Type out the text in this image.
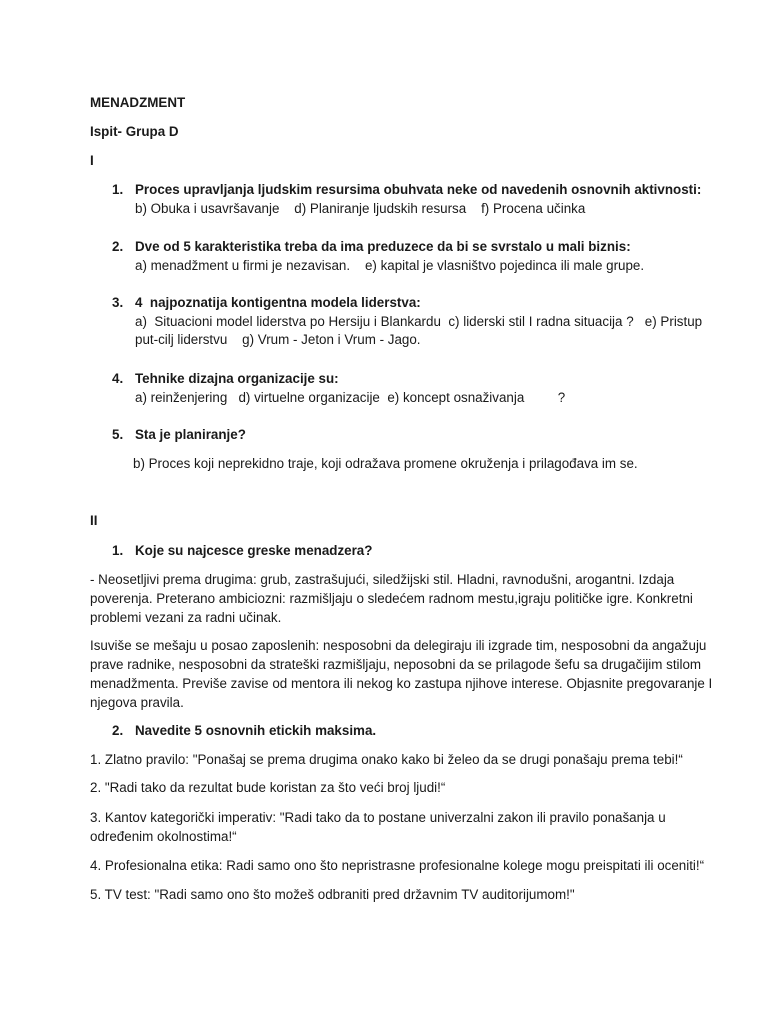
MENADZMENT
Ispit- Grupa D
I
1. Proces upravljanja ljudskim resursima obuhvata neke od navedenih osnovnih aktivnosti:
b) Obuka i usavršavanje    d) Planiranje ljudskih resursa    f) Procena učinka
2. Dve od 5 karakteristika treba da ima preduzece da bi se svrstalo u mali biznis:
a) menadžment u firmi je nezavisan.    e) kapital je vlasništvo pojedinca ili male grupe.
3. 4  najpoznatija kontigentna modela liderstva:
a)  Situacioni model liderstva po Hersiju i Blankardu  c) liderski stil I radna situacija ?   e) Pristup
put-cilj liderstvu    g) Vrum - Jeton i Vrum - Jago.
4. Tehnike dizajna organizacije su:
a) reinženjering   d) virtuelne organizacije  e) koncept osnaživanja         ?
5. Sta je planiranje?
b) Proces koji neprekidno traje, koji odražava promene okruženja i prilagođava im se.
II
1. Koje su najcesce greske menadzera?
- Neosetljivi prema drugima: grub, zastrašujući, siledžijski stil. Hladni, ravnodušni, arogantni. Izdaja
poverenja. Preterano ambiciozni: razmišljaju o sledećem radnom mestu,igraju političke igre. Konkretni
problemi vezani za radni učinak.
Isuviše se mešaju u posao zaposlenih: nesposobni da delegiraju ili izgrade tim, nesposobni da angažuju
prave radnike, nesposobni da strateški razmišljaju, neposobni da se prilagode šefu sa drugačijim stilom
menadžmenta. Previše zavise od mentora ili nekog ko zastupa njihove interese. Objasnite pregovaranje I
njegova pravila.
2. Navedite 5 osnovnih etickih maksima.
1. Zlatno pravilo: "Ponašaj se prema drugima onako kako bi želeo da se drugi ponašaju prema tebi!“
2. "Radi tako da rezultat bude koristan za što veći broj ljudi!“
3. Kantov kategorički imperativ: "Radi tako da to postane univerzalni zakon ili pravilo ponašanja u
određenim okolnostima!“
4. Profesionalna etika: Radi samo ono što nepristrasne profesionalne kolege mogu preispitati ili oceniti!“
5. TV test: "Radi samo ono što možeš odbraniti pred državnim TV auditorijumom!"
